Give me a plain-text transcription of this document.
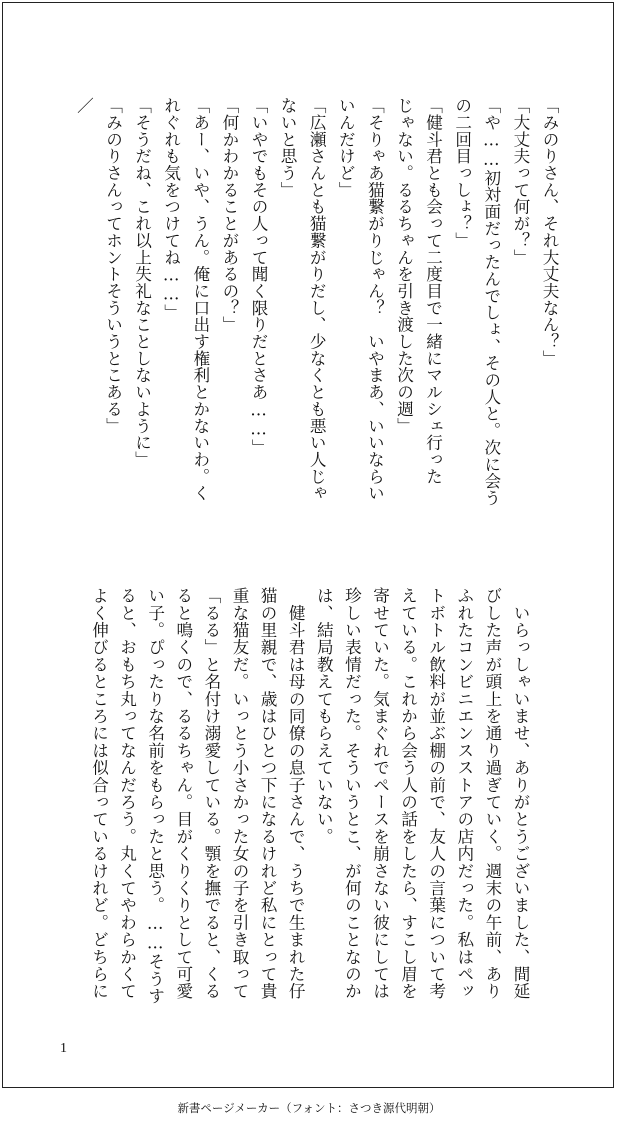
「みのりさん、それ大丈夫なん？」
「大丈夫って何が？」
「や……初対面だったんでしょ、その人と。次に会う
の二回目っしょ？」
「健斗君とも会って二度目で一緒にマルシェ行った
じゃない。るるちゃんを引き渡した次の週」
「そりゃあ猫繋がりじゃん？　いやまあ、いいならい
いんだけど」
「広瀬さんとも猫繋がりだし、少なくとも悪い人じゃ
ないと思う」
「いやでもその人って聞く限りだとさあ……」
「何かわかることがあるの？」
「あー、いや、うん。俺に口出す権利とかないわ。く
れぐれも気をつけてね……」
「そうだね、これ以上失礼なことしないように」
「みのりさんってホントそういうとこある」
／
　いらっしゃいませ、ありがとうございました、間延
びした声が頭上を通り過ぎていく。週末の午前、あり
ふれたコンビニエンスストアの店内だった。私はペッ
トボトル飲料が並ぶ棚の前で、友人の言葉について考
えている。これから会う人の話をしたら、すこし眉を
寄せていた。気まぐれでペースを崩さない彼にしては
珍しい表情だった。そういうとこ、が何のことなのか
は、結局教えてもらえていない。
　健斗君は母の同僚の息子さんで、うちで生まれた仔
猫の里親で、歳はひとつ下になるけれど私にとって貴
重な猫友だ。いっとう小さかった女の子を引き取って
「るる」と名付け溺愛している。顎を撫でると、くる
ると鳴くので、るるちゃん。目がくりくりとして可愛
い子。ぴったりな名前をもらったと思う。……そうす
ると、おもち丸ってなんだろう。丸くてやわらかくて
よく伸びるところには似合っているけれど。どちらに
1
新書ページメーカー（フォント：さつき源代明朝）
